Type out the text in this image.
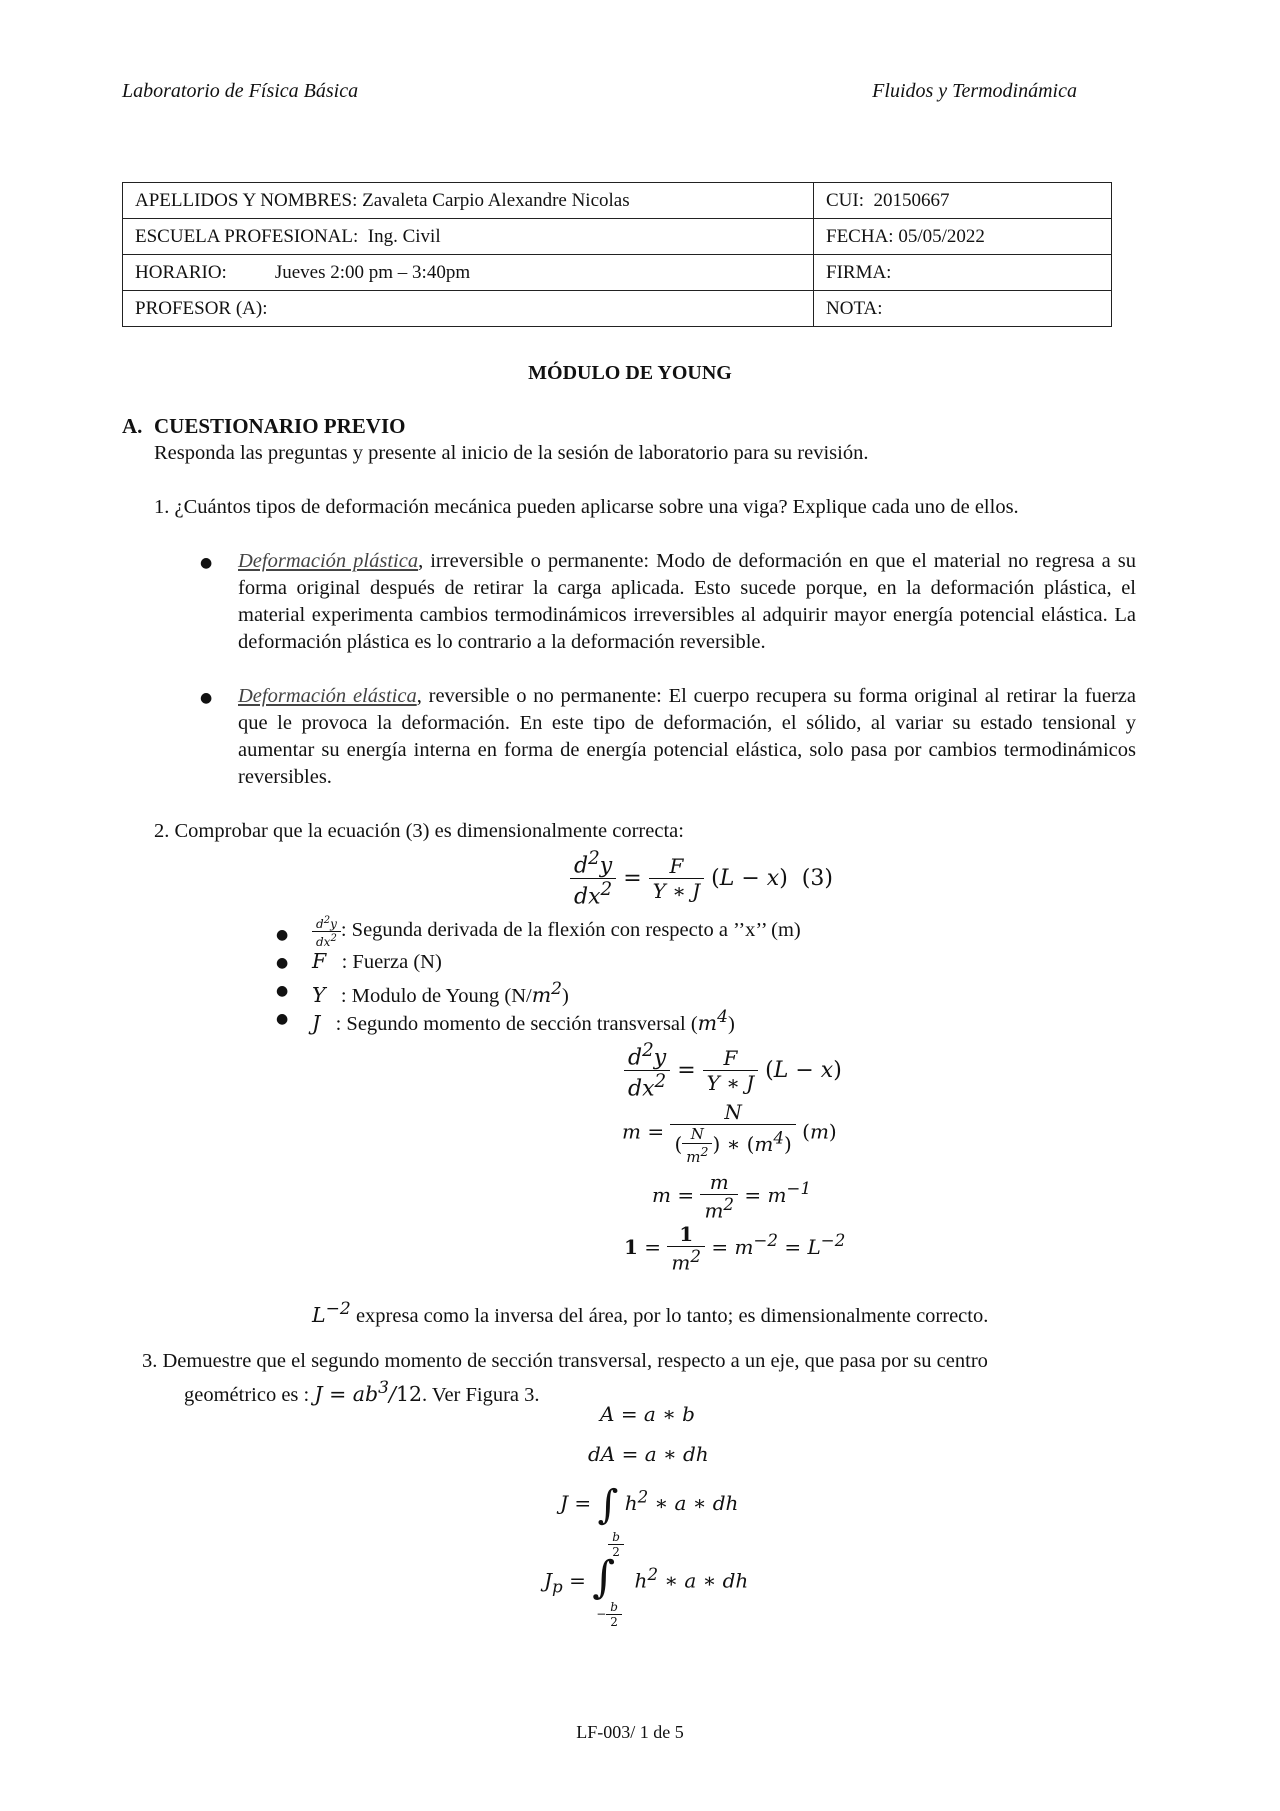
Laboratorio de Física Básica	Fluidos y Termodinámica
APELLIDOS Y NOMBRES: Zavaleta Carpio Alexandre Nicolas	CUI: 20150667
ESCUELA PROFESIONAL: Ing. Civil	FECHA: 05/05/2022
HORARIO: Jueves 2:00 pm – 3:40pm	FIRMA:
PROFESOR (A):	NOTA:
MÓDULO DE YOUNG
A. CUESTIONARIO PREVIO
Responda las preguntas y presente al inicio de la sesión de laboratorio para su revisión.
1. ¿Cuántos tipos de deformación mecánica pueden aplicarse sobre una viga? Explique cada uno de ellos.
● Deformación plástica, irreversible o permanente: Modo de deformación en que el material no regresa a su forma original después de retirar la carga aplicada. Esto sucede porque, en la deformación plástica, el material experimenta cambios termodinámicos irreversibles al adquirir mayor energía potencial elástica. La deformación plástica es lo contrario a la deformación reversible.
● Deformación elástica, reversible o no permanente: El cuerpo recupera su forma original al retirar la fuerza que le provoca la deformación. En este tipo de deformación, el sólido, al variar su estado tensional y aumentar su energía interna en forma de energía potencial elástica, solo pasa por cambios termodinámicos reversibles.
2. Comprobar que la ecuación (3) es dimensionalmente correcta:
$\frac{d^2y}{dx^2} = \frac{F}{Y ∗ J} (L - x)$ (3)
● $\frac{d^2y}{dx^2}$ : Segunda derivada de la flexión con respecto a ’’x’’ (m)
● F : Fuerza (N)
● Y : Modulo de Young $(N/m^2)$
● J : Segundo momento de sección transversal $(m^4)$
$\frac{d^2y}{dx^2} = \frac{F}{Y ∗ J} (L - x)$
$m = \frac{N}{( \frac{N}{m^2} ) ∗ (m^4)} (m)$
$m = \frac{m}{m^2} = m^{-1}$
$1 = \frac{1}{m^2} = m^{-2} = L^{-2}$
$L^{-2}$ expresa como la inversa del área, por lo tanto; es dimensionalmente correcto.
3. Demuestre que el segundo momento de sección transversal, respecto a un eje, que pasa por su centro
geométrico es : $J = ab^3/12$. Ver Figura 3.
A = a ∗ b
dA = a ∗ dh
J = ∫ $h^2$ ∗ a ∗ dh
$J_p$ = ∫
$\frac{b}{2}$
− $\frac{b}{2}$
$h^2$ ∗ a ∗ dh
LF-003/ 1 de 5
